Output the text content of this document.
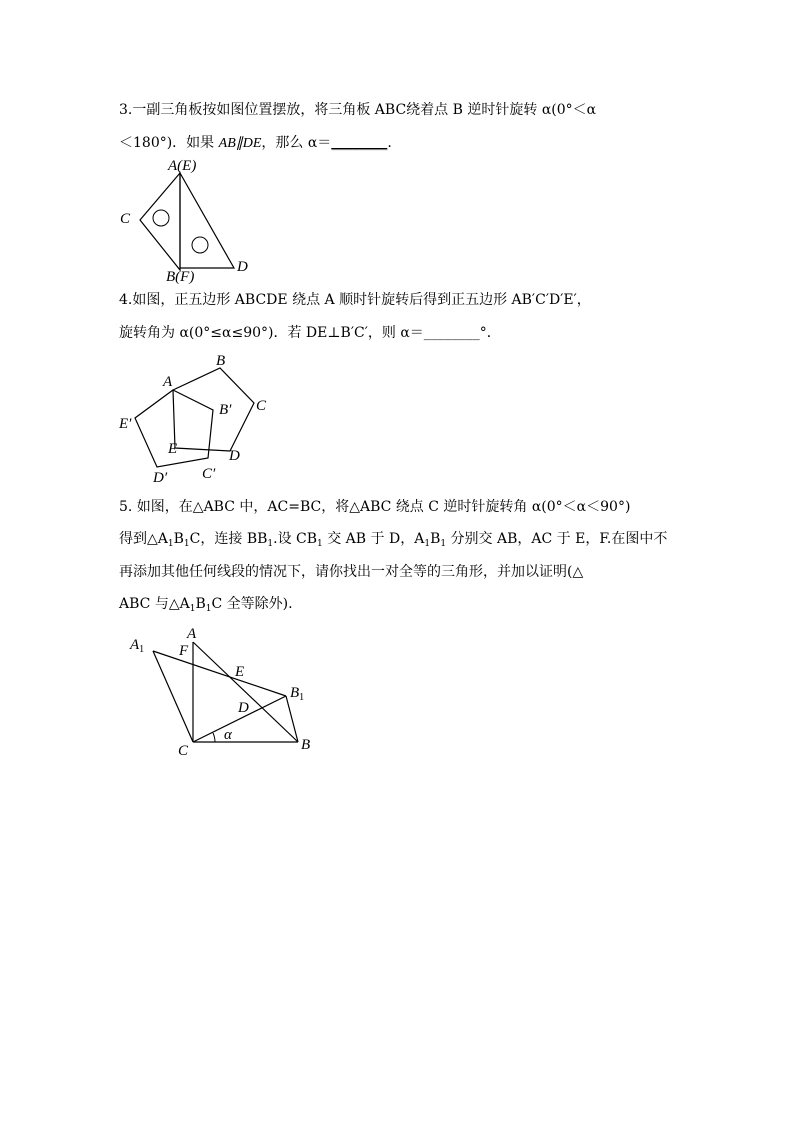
3.一副三角板按如图位置摆放，将三角板 ABC绕着点 B 逆时针旋转 α(0°＜α
＜180°)．如果 AB∥DE，那么 α＝________.
A(E)
C
B(F)
D
4.如图，正五边形 ABCDE 绕点 A 顺时针旋转后得到正五边形 AB′C′D′E′，
旋转角为 α(0°≤α≤90°)．若 DE⊥B′C′，则 α＝________°．
A
B
C
D
E
B′
C′
D′
E′
5. 如图，在△ABC 中，AC=BC，将△ABC 绕点 C 逆时针旋转角 α(0°＜α＜90°)
得到$\triangle A_1B_1C$，连接 $BB_1$.设 $CB_1$ 交 AB 于 D，$A_1B_1$ 分别交 AB，AC 于 E，F.在图中不
再添加其他任何线段的情况下，请你找出一对全等的三角形，并加以证明(△
ABC 与$\triangle A_1B_1C$ 全等除外).
$A_1$
A
F
E
$B_1$
D
α
C	B
